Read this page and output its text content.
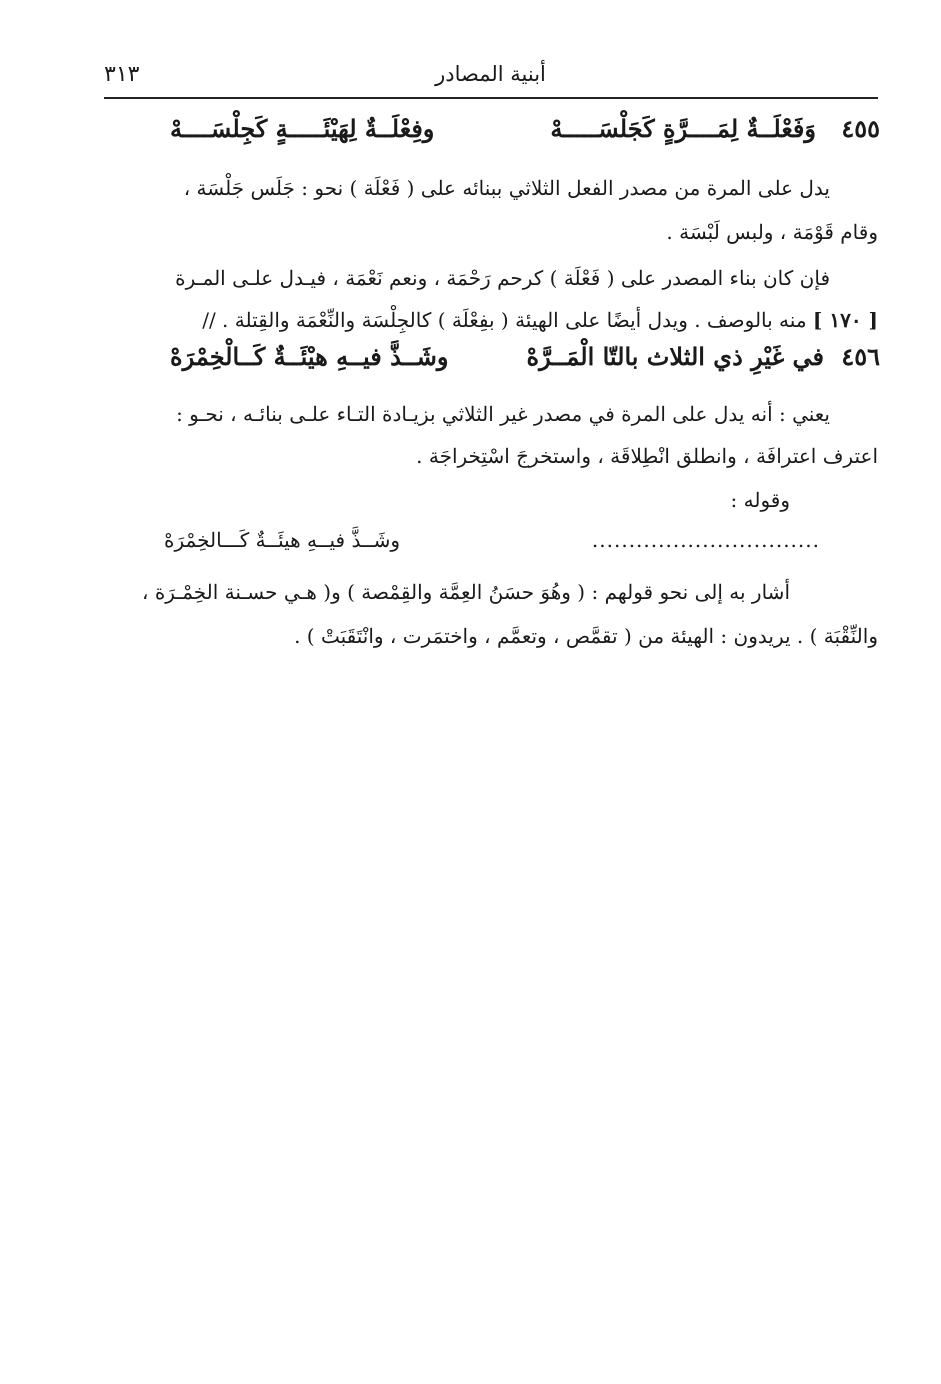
أبنية المصادر
٣١٣
٤٥٥
وَفَعْلَــةٌ لِمَــــرَّةٍ كَجَلْسَـــــهْ
وفِعْلَــةٌ لِهَيْئَـــــةٍ كَجِلْسَــــهْ
يدل على المرة من مصدر الفعل الثلاثي ببنائه على ( فَعْلَة ) نحو : جَلَس جَلْسَة ،
وقام قَوْمَة ، ولبس لَبْسَة .
فإن كان بناء المصدر على ( فَعْلَة ) كرحم رَحْمَة ، ونعم نَعْمَة ، فيـدل علـى المـرة
[ ١٧٠ ] منه بالوصف . ويدل أيضًا على الهيئة ( بفِعْلَة ) كالجِلْسَة والنِّعْمَة والقِتلة . //
٤٥٦
في غَيْرِ ذي الثلاث بالتّا الْمَــرَّهْ
وشَــذَّ فيــهِ هيْئَــةٌ كَــالْخِمْرَهْ
يعني : أنه يدل على المرة في مصدر غير الثلاثي بزيـادة التـاء علـى بنائـه ، نحـو :
اعترف اعترافَة ، وانطلق انْطِلاقَة ، واستخرجَ اسْتِخراجَة .
وقوله :
...............................
وشَــذَّ فيــهِ هيئَــةٌ كَـــالخِمْرَهْ
أشار به إلى نحو قولهم : ( وهُوَ حسَنُ العِمَّة والقِمْصة ) و( هـي حسـنة الخِمْـرَة ،
والنِّقْبَة ) . يريدون : الهيئة من ( تقمَّص ، وتعمَّم ، واختمَرت ، وانْتَقَبَتْ ) .
